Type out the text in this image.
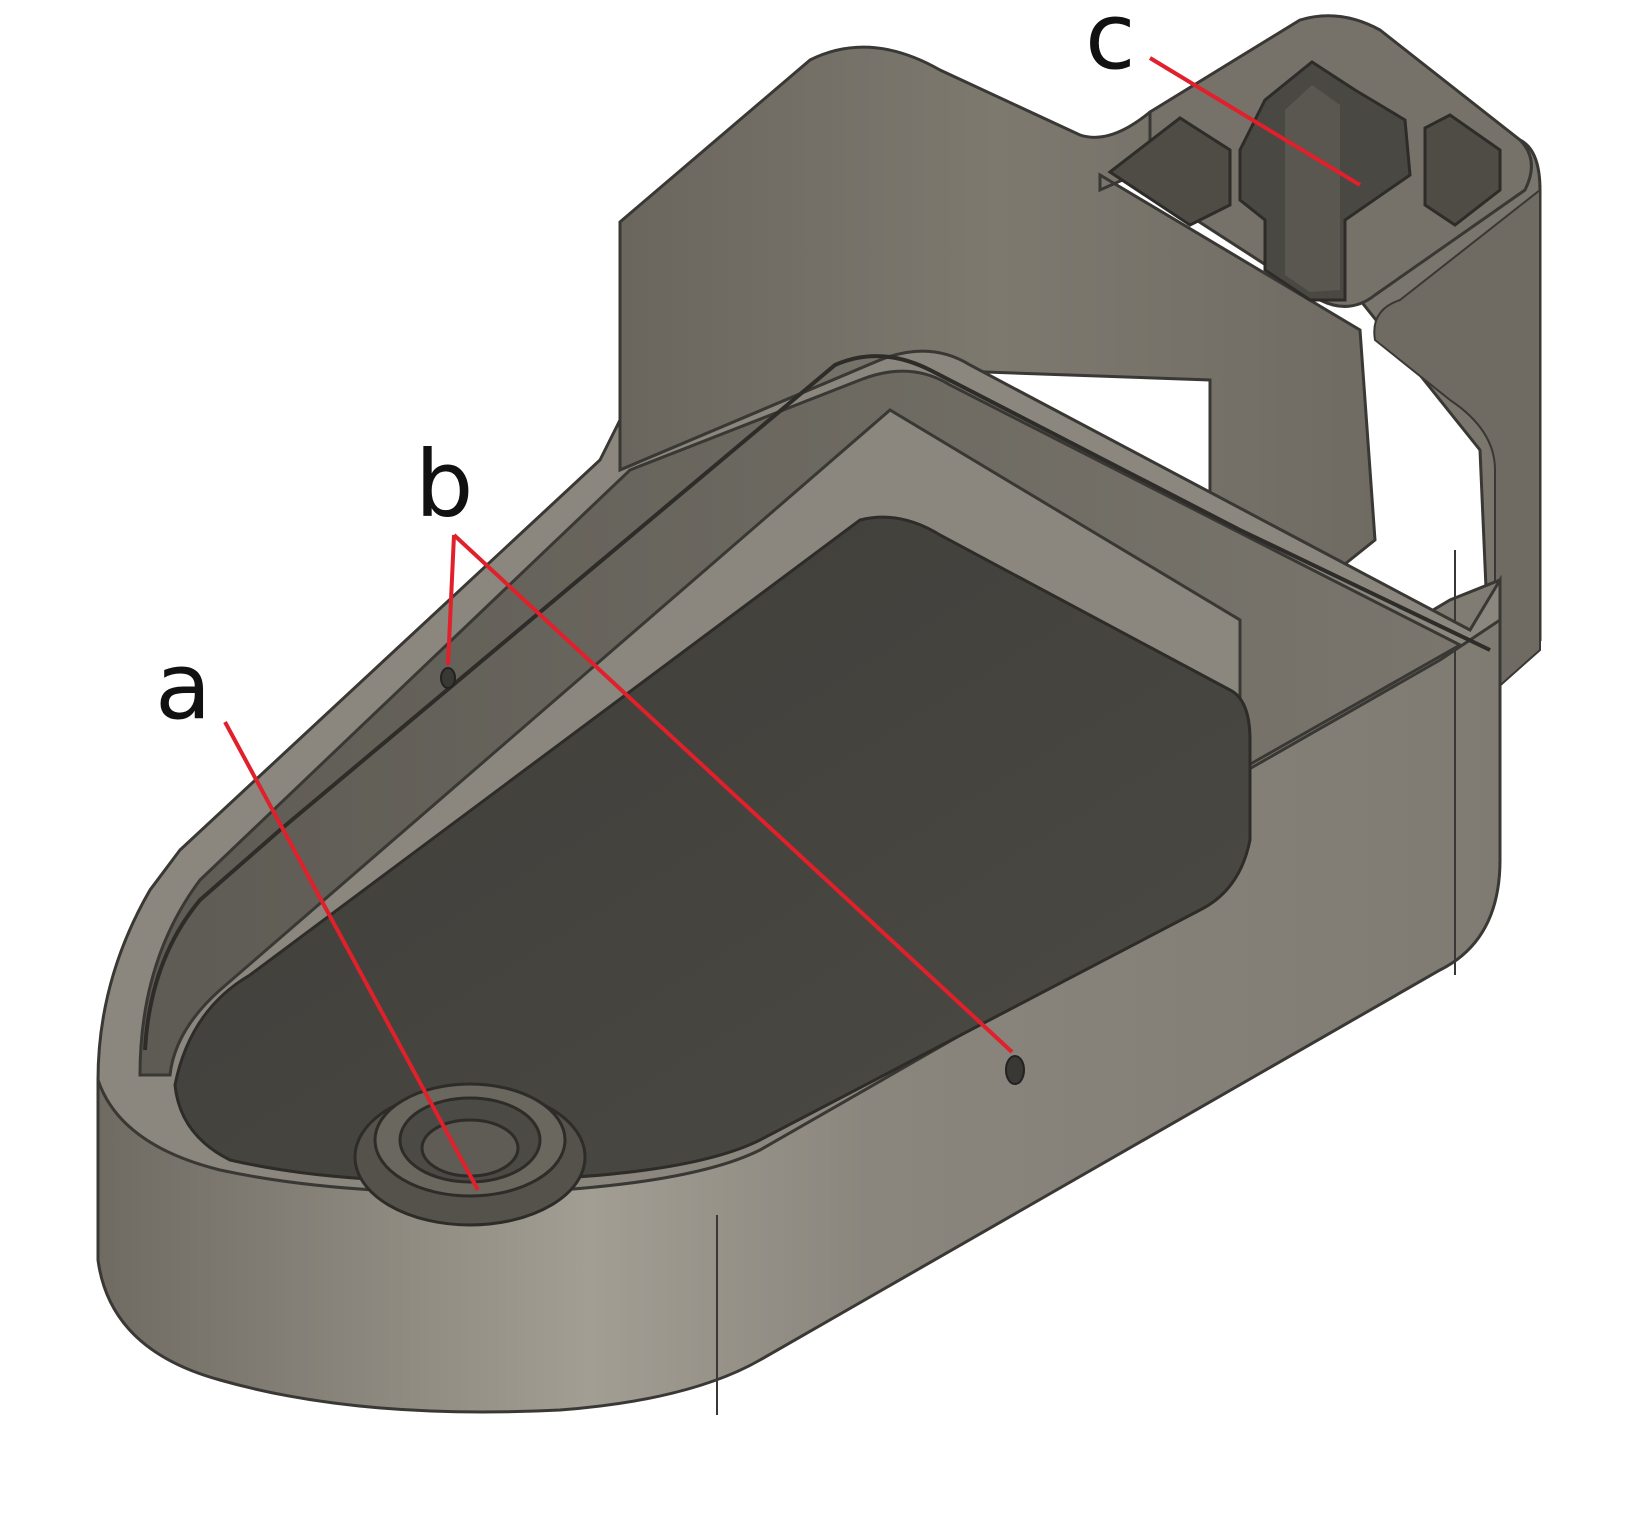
a
b
c
